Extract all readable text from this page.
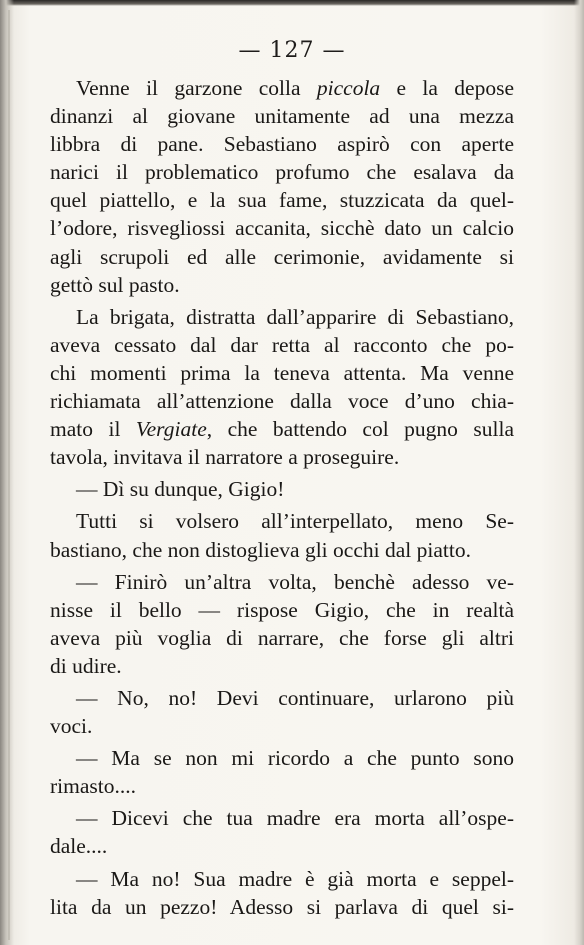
— 127 —
Venne il garzone colla piccola e la depose
dinanzi al giovane unitamente ad una mezza
libbra di pane. Sebastiano aspirò con aperte
narici il problematico profumo che esalava da
quel piattello, e la sua fame, stuzzicata da quel-
l’odore, risvegliossi accanita, sicchè dato un calcio
agli scrupoli ed alle cerimonie, avidamente si
gettò sul pasto.
La brigata, distratta dall’apparire di Sebastiano,
aveva cessato dal dar retta al racconto che po-
chi momenti prima la teneva attenta. Ma venne
richiamata all’attenzione dalla voce d’uno chia-
mato il Vergiate, che battendo col pugno sulla
tavola, invitava il narratore a proseguire.
— Dì su dunque, Gigio!
Tutti si volsero all’interpellato, meno Se-
bastiano, che non distoglieva gli occhi dal piatto.
— Finirò un’altra volta, benchè adesso ve-
nisse il bello — rispose Gigio, che in realtà
aveva più voglia di narrare, che forse gli altri
di udire.
— No, no! Devi continuare, urlarono più
voci.
— Ma se non mi ricordo a che punto sono
rimasto....
— Dicevi che tua madre era morta all’ospe-
dale....
— Ma no! Sua madre è già morta e seppel-
lita da un pezzo! Adesso si parlava di quel si-
